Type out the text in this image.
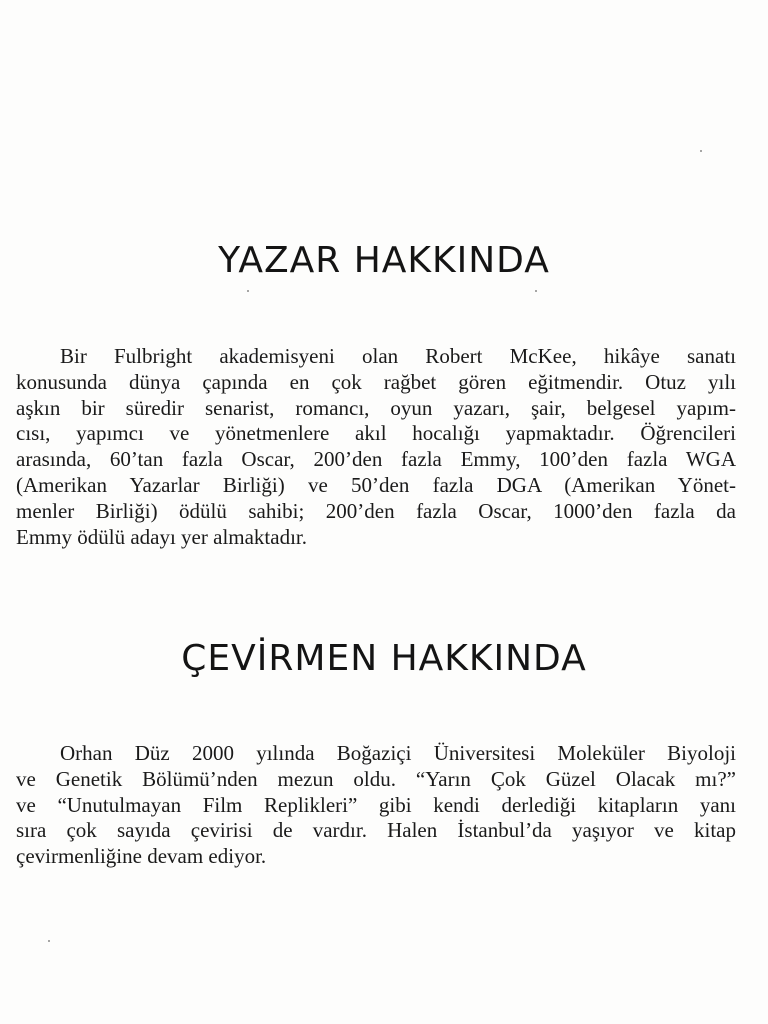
YAZAR HAKKINDA
Bir Fulbright akademisyeni olan Robert McKee, hikâye sanatı
konusunda dünya çapında en çok rağbet gören eğitmendir. Otuz yılı
aşkın bir süredir senarist, romancı, oyun yazarı, şair, belgesel yapım-
cısı, yapımcı ve yönetmenlere akıl hocalığı yapmaktadır. Öğrencileri
arasında, 60’tan fazla Oscar, 200’den fazla Emmy, 100’den fazla WGA
(Amerikan Yazarlar Birliği) ve 50’den fazla DGA (Amerikan Yönet-
menler Birliği) ödülü sahibi; 200’den fazla Oscar, 1000’den fazla da
Emmy ödülü adayı yer almaktadır.
ÇEVİRMEN HAKKINDA
Orhan Düz 2000 yılında Boğaziçi Üniversitesi Moleküler Biyoloji
ve Genetik Bölümü’nden mezun oldu. “Yarın Çok Güzel Olacak mı?”
ve “Unutulmayan Film Replikleri” gibi kendi derlediği kitapların yanı
sıra çok sayıda çevirisi de vardır. Halen İstanbul’da yaşıyor ve kitap
çevirmenliğine devam ediyor.
